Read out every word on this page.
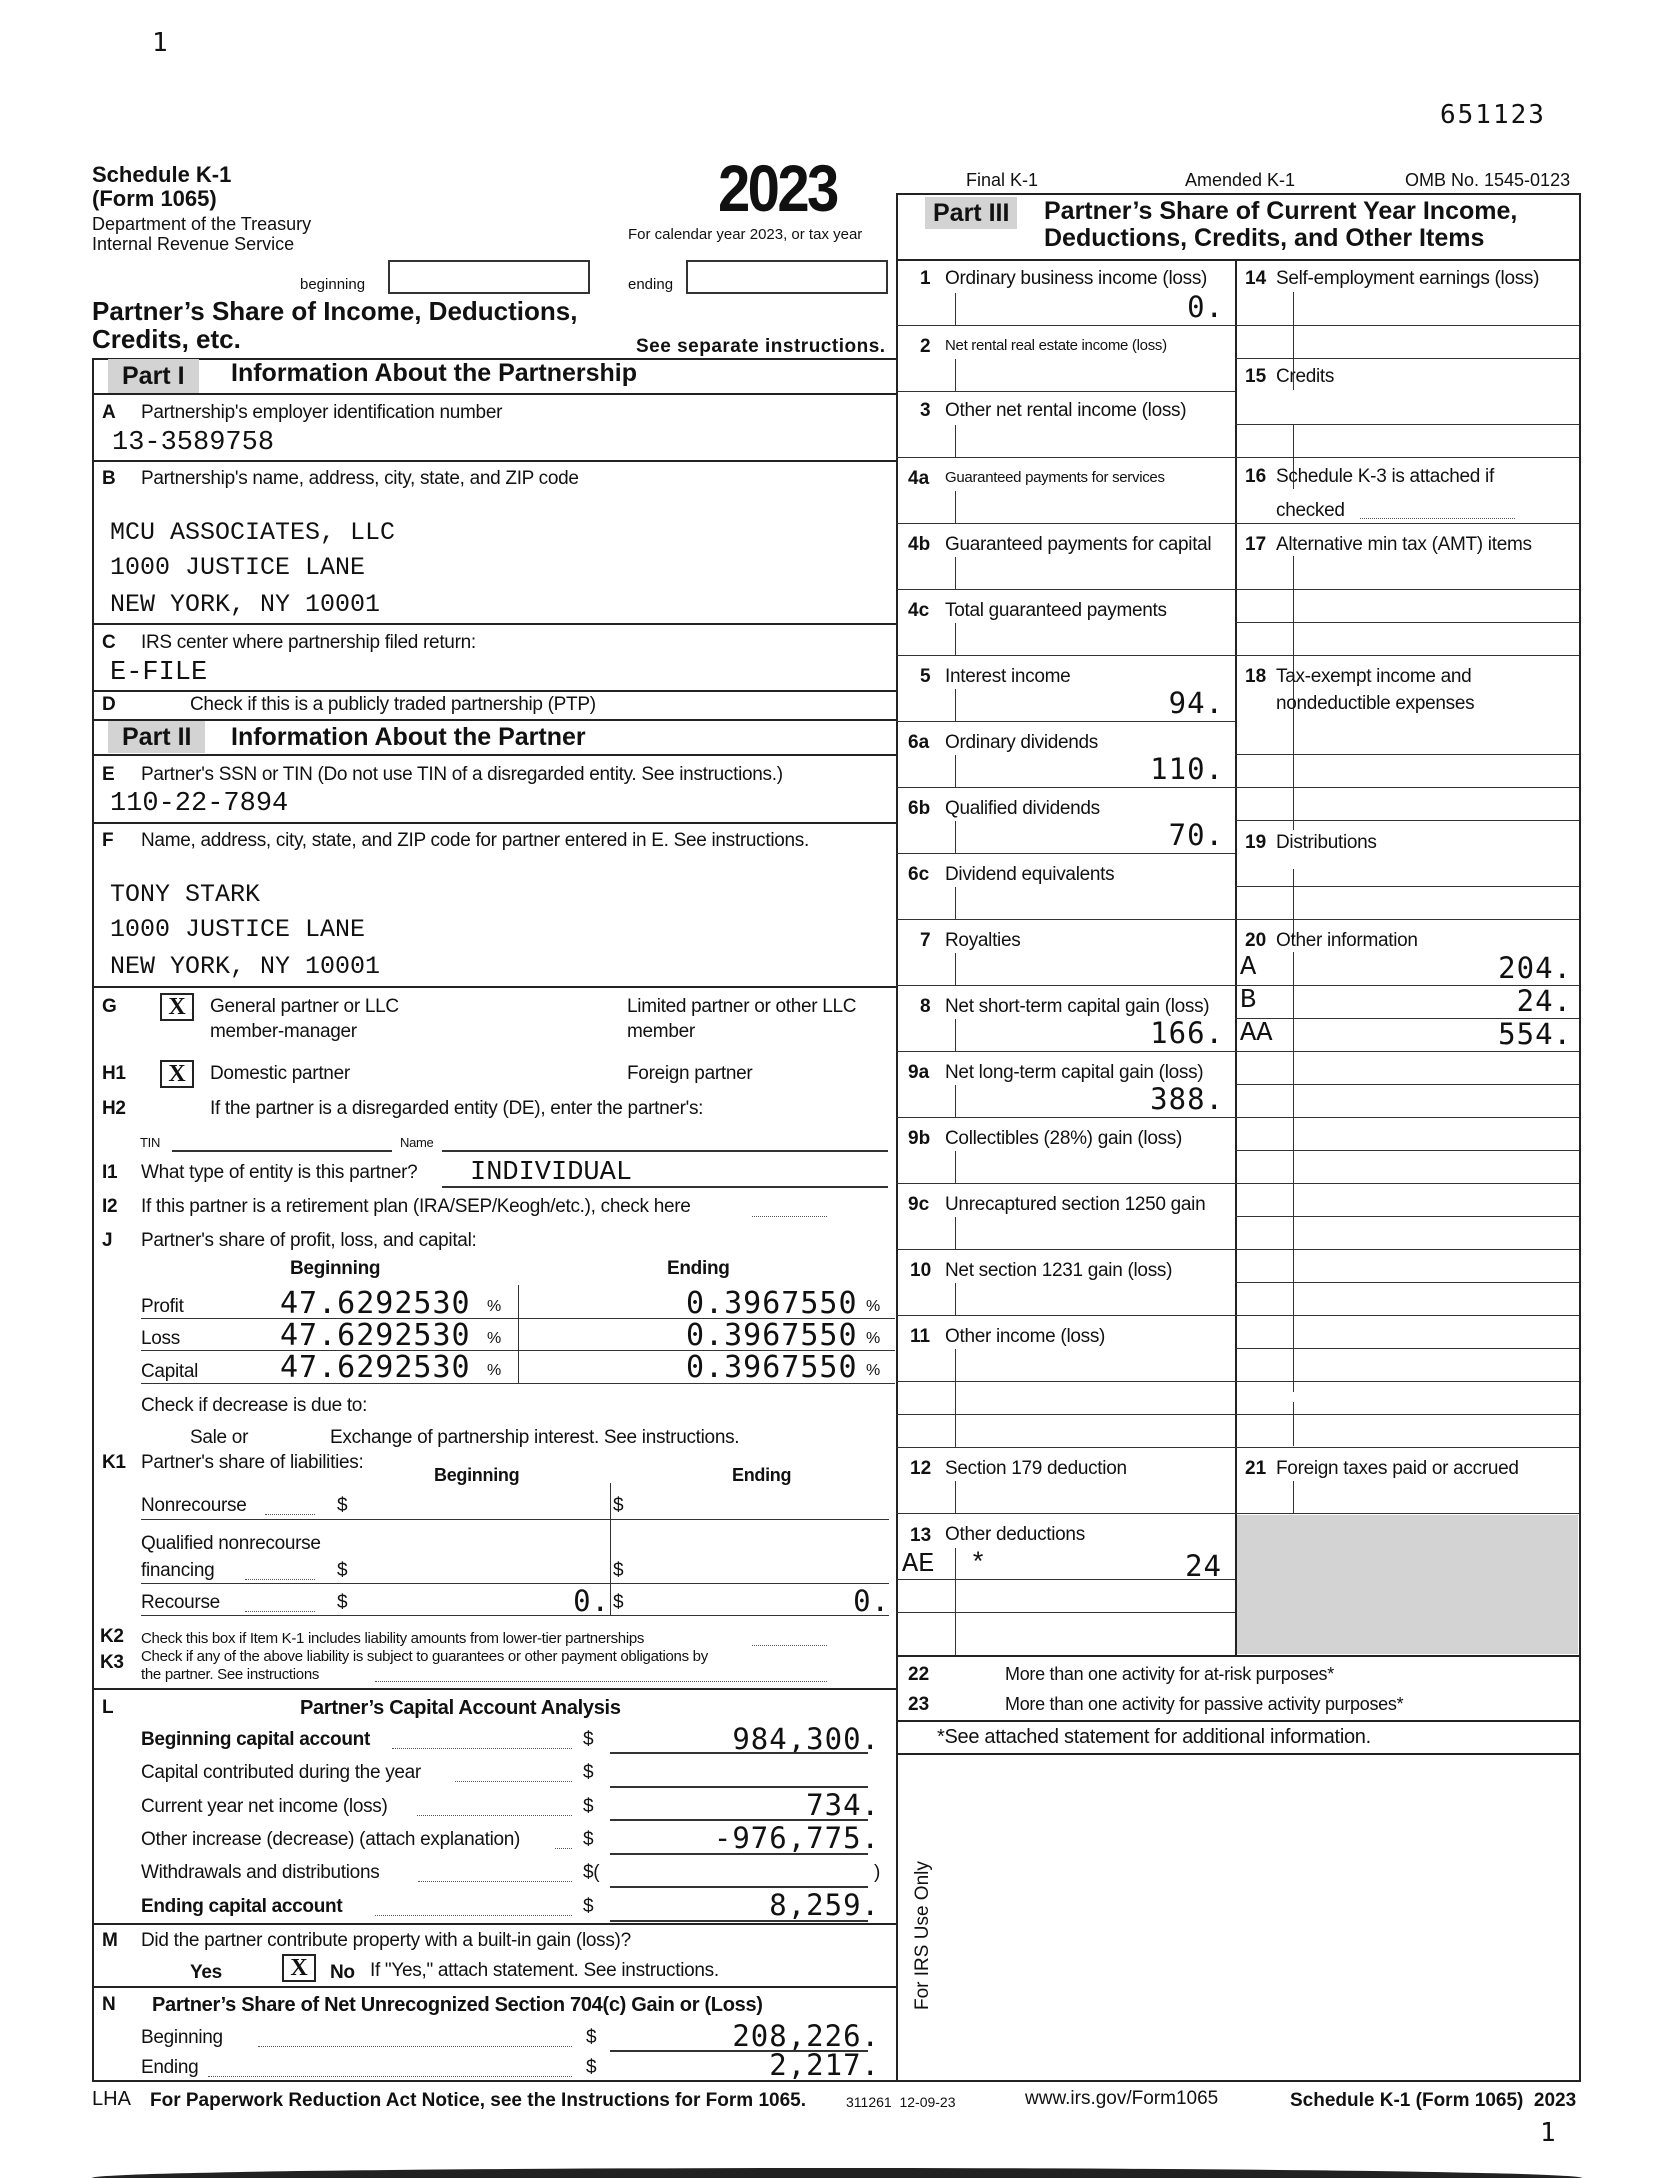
1
651123
Schedule K-1
(Form 1065)
Department of the Treasury
Internal Revenue Service
2023
For calendar year 2023, or tax year
beginning	ending
Partner’s Share of Income, Deductions,
Credits, etc.	See separate instructions.
Final K-1	Amended K-1	OMB No. 1545-0123
Part I	Information About the Partnership
A Partnership's employer identification number
13-3589758
B Partnership's name, address, city, state, and ZIP code
MCU ASSOCIATES, LLC
1000 JUSTICE LANE
NEW YORK, NY 10001
C IRS center where partnership filed return:
E-FILE
D	Check if this is a publicly traded partnership (PTP)
Part II	Information About the Partner
E Partner's SSN or TIN (Do not use TIN of a disregarded entity. See instructions.)
110-22-7894
F Name, address, city, state, and ZIP code for partner entered in E. See instructions.
TONY STARK
1000 JUSTICE LANE
NEW YORK, NY 10001
G	X	General partner or LLC
member-manager
Limited partner or other LLC
member
H1	X	Domestic partner	Foreign partner
H2	If the partner is a disregarded entity (DE), enter the partner's:
TIN	Name
I1 What type of entity is this partner? INDIVIDUAL
I2 If this partner is a retirement plan (IRA/SEP/Keogh/etc.), check here
J Partner's share of profit, loss, and capital:
Beginning	Ending
Profit	47.6292530 %	0.3967550 %
Loss	47.6292530 %	0.3967550 %
Capital	47.6292530 %	0.3967550 %
Check if decrease is due to:
Sale or	Exchange of partnership interest. See instructions.
K1 Partner's share of liabilities:
Beginning	Ending
Nonrecourse	$	$
Qualified nonrecourse
financing	$	$
Recourse	$	0. $	0.
K2 Check this box if Item K-1 includes liability amounts from lower-tier partnerships
K3 Check if any of the above liability is subject to guarantees or other payment obligations by
the partner. See instructions
L	Partner’s Capital Account Analysis
Beginning capital account	$	984,300.
Capital contributed during the year	$
Current year net income (loss)	$	734.
Other increase (decrease) (attach explanation)	$	-976,775.
Withdrawals and distributions	$(	)
Ending capital account	$	8,259.
M Did the partner contribute property with a built-in gain (loss)?
Yes	X	No If "Yes," attach statement. See instructions.
N Partner’s Share of Net Unrecognized Section 704(c) Gain or (Loss)
Beginning	$	208,226.
Ending	$	2,217.
Part III	Partner’s Share of Current Year Income,
Deductions, Credits, and Other Items
1 Ordinary business income (loss)
0.
2 Net rental real estate income (loss)
3 Other net rental income (loss)
4a Guaranteed payments for services
4b Guaranteed payments for capital
4c Total guaranteed payments
5 Interest income
94.
6a Ordinary dividends
110.
6b Qualified dividends
70.
6c Dividend equivalents
7 Royalties
8 Net short-term capital gain (loss)
166.
9a Net long-term capital gain (loss)
388.
9b Collectibles (28%) gain (loss)
9c Unrecaptured section 1250 gain
10 Net section 1231 gain (loss)
11 Other income (loss)
12 Section 179 deduction
13 Other deductions
AE *	24
14 Self-employment earnings (loss)
15 Credits
16 Schedule K-3 is attached if
checked
17 Alternative min tax (AMT) items
18 Tax-exempt income and
nondeductible expenses
19 Distributions
20 Other information
A	204.
B	24.
AA	554.
21 Foreign taxes paid or accrued
22	More than one activity for at-risk purposes*
23	More than one activity for passive activity purposes*
*See attached statement for additional information.
For IRS Use Only
LHA For Paperwork Reduction Act Notice, see the Instructions for Form 1065.	311261  12-09-23	www.irs.gov/Form1065	Schedule K-1 (Form 1065)  2023
1
